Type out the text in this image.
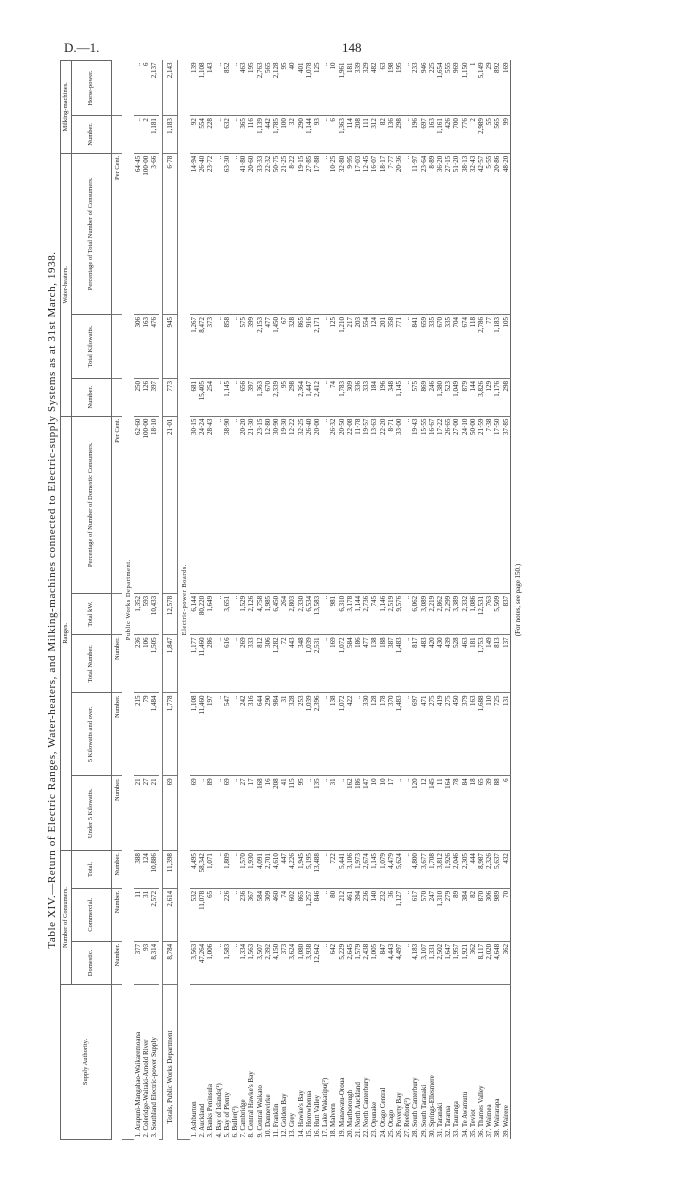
D.—1.	148
Table XIV.—Return of Electric Ranges, Water-heaters, and Milking-machines connected to Electric-supply Systems as at 31st March, 1938.
Supply Authority.	Number of Consumers.			Ranges.					Water-heaters.			Milking-machines.	
	Domestic.	Commercial.	Total.	Under 5 Kilowatts.	5 Kilowatts and over.	Total Number.	Total kW.	Percentage of Number of Domestic Consumers.	Number.	Total Kilowatts.	Percentage of Total Number of Consumers.	Number.	Horse-power.
	Number.	Number.	Number.	Number.	Number.	Number.		Per Cent.			Per Cent.		
Public Works Department.													
1. Arapuni-Mangahao-Waikaremoana	377	11	388	21	215	236	1,352	62·60	250	306	64·45	..	..
2. Coleridge-Waitaki-Arnold River	93	31	124	27	79	106	593	100·00	126	163	100·00	2	6
3. Southland Electric-power Supply	8,314	2,572	10,886	21	1,484	1,505	10,433	18·10	397	476	3·66	1,181	2,137

Totals, Public Works Department	8,784	2,614	11,398	69	1,778	1,847	12,578	21·01	773	945	6·78	1,183	2,143
Electric-power Boards.													
1. Ashburton	3,563	532	4,495	69	1,108	1,177	6,144	30·15	681	1,267	14·94	92	139
2. Auckland	47,264	11,078	58,342	..	11,460	11,460	80,220	24·24	15,405	8,472	26·40	554	1,108
3. Banks Peninsula	1,006	65	1,071	89	197	286	1,649	28·43	254	373	23·72	228	143
4. Bay of Islands(¹)	..	..	..	..	..	..	..	..	..	..	..	..	..
5. Bay of Plenty	1,583	226	1,809	69	547	616	3,651	38·90	1,145	858	63·30	632	852
6. Buller(²)	..	..	..	..	..	..	..	..	..	..	..	..	..
7. Cambridge	1,334	236	1,570	27	242	269	1,529	20·20	656	575	41·80	365	463
8. Central Hawke's Bay	1,563	367	1,930	17	316	333	2,126	21·30	397	399	20·60	116	195
9. Central Waikato	3,507	584	4,091	168	644	812	4,758	23·15	1,363	2,153	33·33	1,139	2,763
10. Dannevirke	2,392	309	2,701	16	290	306	1,985	12·80	670	477	22·32	442	565
11. Franklin	4,150	460	4,610	208	984	1,282	6,450	30·90	2,339	1,450	50·75	1,785	2,128
12. Golden Bay	373	74	447	41	31	72	264	19·30	95	67	21·25	100	95
13. Grey	3,624	602	4,226	115	328	443	2,803	12·22	298	328	8·22	32	40
14. Hawke's Bay	1,080	865	1,945	95	253	348	2,330	32·25	2,364	865	19·15	290	401
15. Horowhenua	3,938	1,257	5,195	..	1,039	1,039	6,534	26·40	1,447	916	27·85	1,144	1,078
16. Hutt Valley	12,642	846	13,488	135	2,396	2,531	13,583	20·00	2,412	2,171	17·88	93	125
17. Lake Wakatipu(²)	..	..	..	..	..	..	..	..	..	..	..	..	..
18. Malvern	642	80	722	31	138	169	981	26·32	74	125	10·25	6	10
19. Manawatu-Oroua	5,229	212	5,441	..	1,072	1,072	6,310	20·50	1,783	1,210	32·80	1,363	1,961
20. Marlborough	2,645	461	3,106	162	422	584	3,178	22·08	309	217	9·95	114	181
21. North Auckland	1,579	394	1,973	186	..	186	1,144	11·78	336	203	17·03	208	339
22. North Canterbury	2,438	236	2,674	147	330	477	2,736	19·57	333	554	12·45	111	329
23. Opunake	1,005	140	1,145	10	128	138	745	13·63	184	124	16·07	312	482
24. Otago Central	847	232	1,079	10	178	188	1,146	22·20	196	201	18·17	82	63
25. Otago	4,443	36	4,479	17	370	387	2,519	8·71	348	358	7·77	136	198
26. Poverty Bay	4,497	1,127	5,624	..	1,483	1,483	9,576	33·00	1,145	771	20·36	298	195
27. Reefton(²)	..	..	..	..	..	..	..	..	..	..	..	..	..
28. South Canterbury	4,183	617	4,800	120	697	817	6,062	19·43	575	841	11·97	196	233
29. South Taranaki	3,107	570	3,677	12	471	483	3,089	15·55	869	659	23·64	697	946
30. Springs-Ellesmere	1,331	247	1,708	145	275	420	2,219	16·67	246	335	8·89	163	225
31. Taranaki	2,502	1,310	3,812	11	419	430	2,862	17·22	1,380	670	36·20	1,161	1,654
32. Tararua	1,647	279	1,926	164	275	439	2,299	26·65	523	335	27·15	426	555
33. Tauranga	1,957	89	2,046	78	450	528	3,389	27·00	1,049	704	51·20	700	969
34. Te Awamutu	1,921	384	2,305	84	379	463	2,332	24·10	879	674	38·13	776	1,150
35. Teviot	362	82	444	18	163	181	1,086	50·00	144	118	32·43	2	1
36. Thames Valley	8,117	870	8,987	65	1,688	1,753	12,531	21·59	3,826	2,786	42·57	2,989	5,149
37. Waimea	2,020	306	2,326	39	110	149	763	7·38	129	77	5·55	55	29
38. Wairarapa	4,648	989	5,637	88	725	813	5,509	17·50	1,176	1,183	20·86	565	892
39. Wairere	362	70	432	6	131	137	837	37·85	298	105	48·20	99	169
(For notes, see page 150.)
